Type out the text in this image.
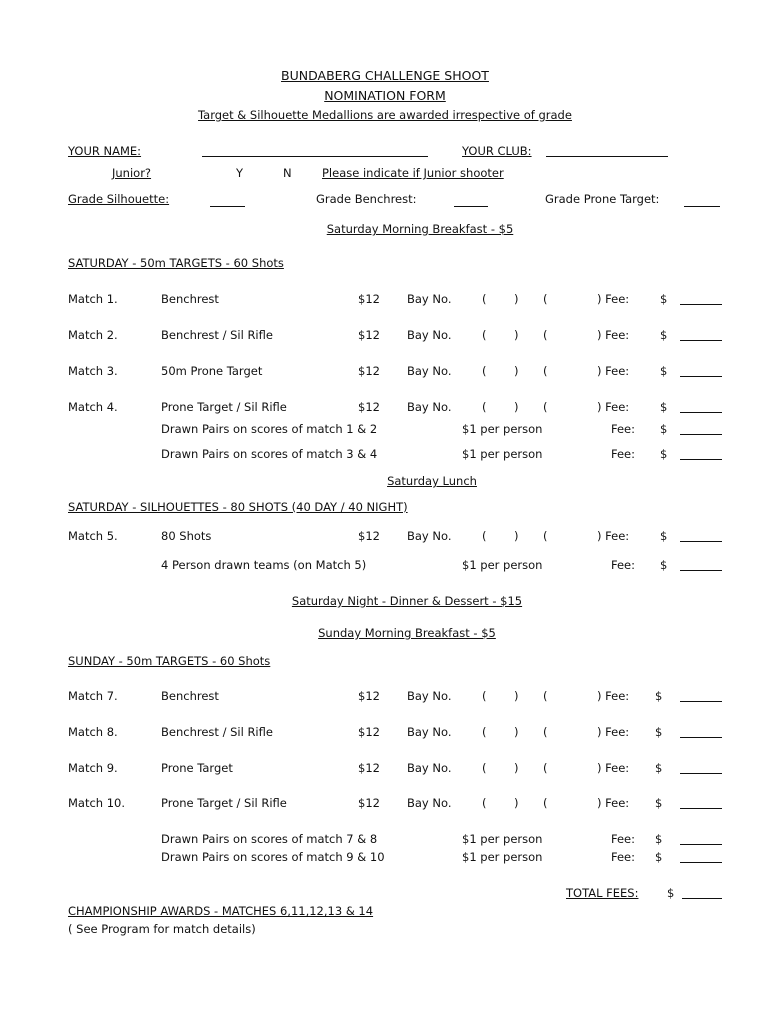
BUNDABERG CHALLENGE SHOOT
NOMINATION FORM
Target & Silhouette Medallions are awarded irrespective of grade
YOUR NAME:	YOUR CLUB:
Junior?	Y	N	Please indicate if Junior shooter
Grade Silhouette:	Grade Benchrest:	Grade Prone Target:
Saturday Morning Breakfast - $5
SATURDAY - 50m TARGETS - 60 Shots
Match 1.	Benchrest	$12 Bay No.	( ) (	) Fee:	$
Match 2.	Benchrest / Sil Rifle	$12 Bay No.	( ) (	) Fee:	$
Match 3.	50m Prone Target	$12 Bay No.	( ) (	) Fee:	$
Match 4.	Prone Target / Sil Rifle	$12 Bay No.	( ) (	) Fee:	$
Drawn Pairs on scores of match 1 & 2	$1 per person	Fee: $
Drawn Pairs on scores of match 3 & 4	$1 per person	Fee: $
Saturday Lunch
SATURDAY - SILHOUETTES - 80 SHOTS (40 DAY / 40 NIGHT)
Match 5.	80 Shots	$12 Bay No.	( ) (	) Fee:	$
4 Person drawn teams (on Match 5)	$1 per person	Fee: $
Saturday Night - Dinner & Dessert - $15
Sunday Morning Breakfast - $5
SUNDAY - 50m TARGETS - 60 Shots
Match 7.	Benchrest	$12 Bay No.	( ) (	) Fee: $
Match 8.	Benchrest / Sil Rifle	$12 Bay No.	( ) (	) Fee: $
Match 9.	Prone Target	$12 Bay No.	( ) (	) Fee: $
Match 10.	Prone Target / Sil Rifle	$12 Bay No.	( ) (	) Fee: $
Drawn Pairs on scores of match 7 & 8	$1 per person	Fee: $
Drawn Pairs on scores of match 9 & 10	$1 per person	Fee: $
TOTAL FEES: $
CHAMPIONSHIP AWARDS - MATCHES 6,11,12,13 & 14
( See Program for match details)
